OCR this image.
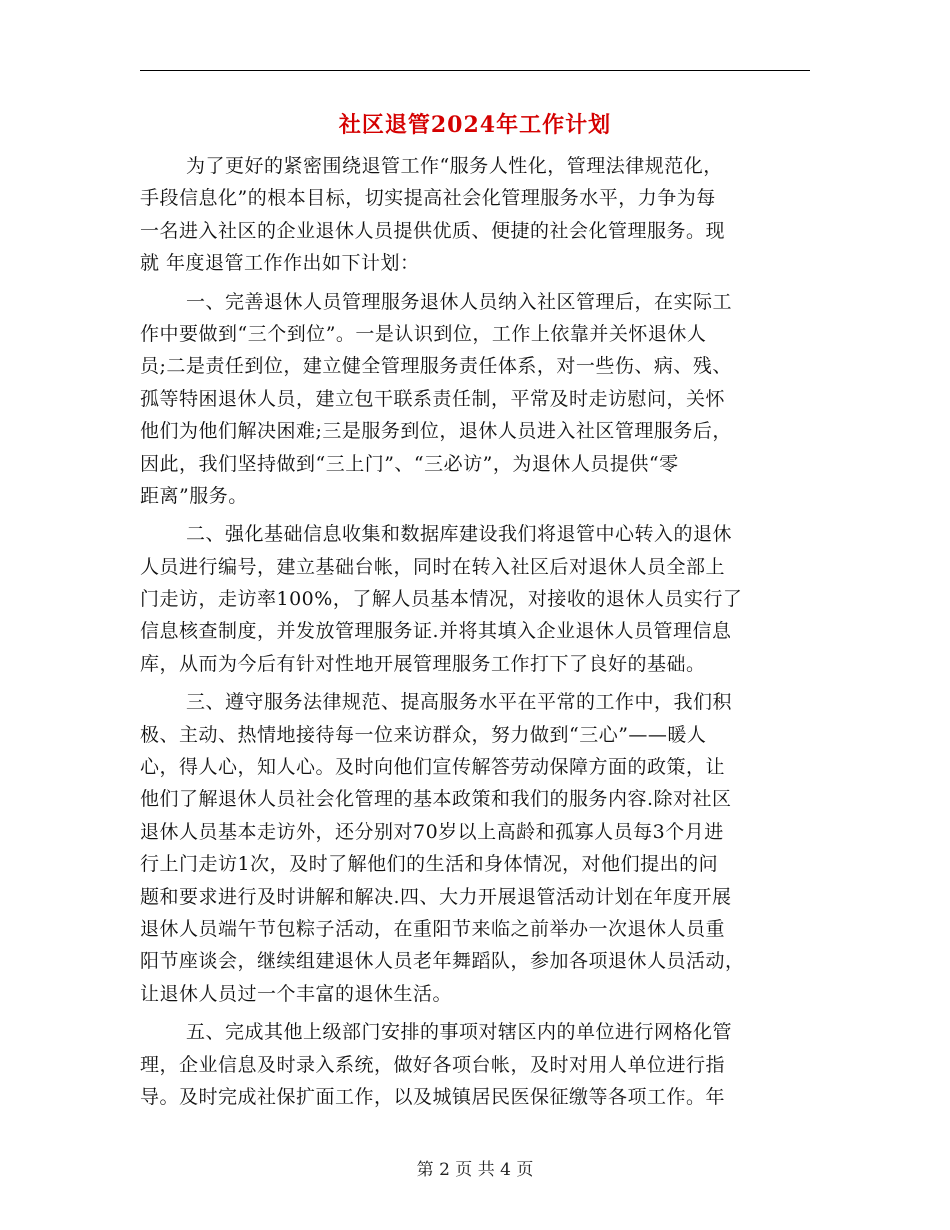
社区退管2024年工作计划
为了更好的紧密围绕退管工作“服务人性化，管理法律规范化，
手段信息化”的根本目标，切实提高社会化管理服务水平，力争为每
一名进入社区的企业退休人员提供优质、便捷的社会化管理服务。现
就 年度退管工作作出如下计划：
一、完善退休人员管理服务退休人员纳入社区管理后，在实际工
作中要做到“三个到位”。一是认识到位，工作上依靠并关怀退休人
员;二是责任到位，建立健全管理服务责任体系，对一些伤、病、残、
孤等特困退休人员，建立包干联系责任制，平常及时走访慰问，关怀
他们为他们解决困难;三是服务到位，退休人员进入社区管理服务后，
因此，我们坚持做到“三上门”、“三必访”，为退休人员提供“零
距离”服务。
二、强化基础信息收集和数据库建设我们将退管中心转入的退休
人员进行编号，建立基础台帐，同时在转入社区后对退休人员全部上
门走访，走访率100%，了解人员基本情况，对接收的退休人员实行了
信息核查制度，并发放管理服务证.并将其填入企业退休人员管理信息
库，从而为今后有针对性地开展管理服务工作打下了良好的基础。
三、遵守服务法律规范、提高服务水平在平常的工作中，我们积
极、主动、热情地接待每一位来访群众，努力做到“三心”——暖人
心，得人心，知人心。及时向他们宣传解答劳动保障方面的政策，让
他们了解退休人员社会化管理的基本政策和我们的服务内容.除对社区
退休人员基本走访外，还分别对70岁以上高龄和孤寡人员每3个月进
行上门走访1次，及时了解他们的生活和身体情况，对他们提出的问
题和要求进行及时讲解和解决.四、大力开展退管活动计划在年度开展
退休人员端午节包粽子活动，在重阳节来临之前举办一次退休人员重
阳节座谈会，继续组建退休人员老年舞蹈队，参加各项退休人员活动，
让退休人员过一个丰富的退休生活。
五、完成其他上级部门安排的事项对辖区内的单位进行网格化管
理，企业信息及时录入系统，做好各项台帐，及时对用人单位进行指
导。及时完成社保扩面工作，以及城镇居民医保征缴等各项工作。年
第 2 页 共 4 页
